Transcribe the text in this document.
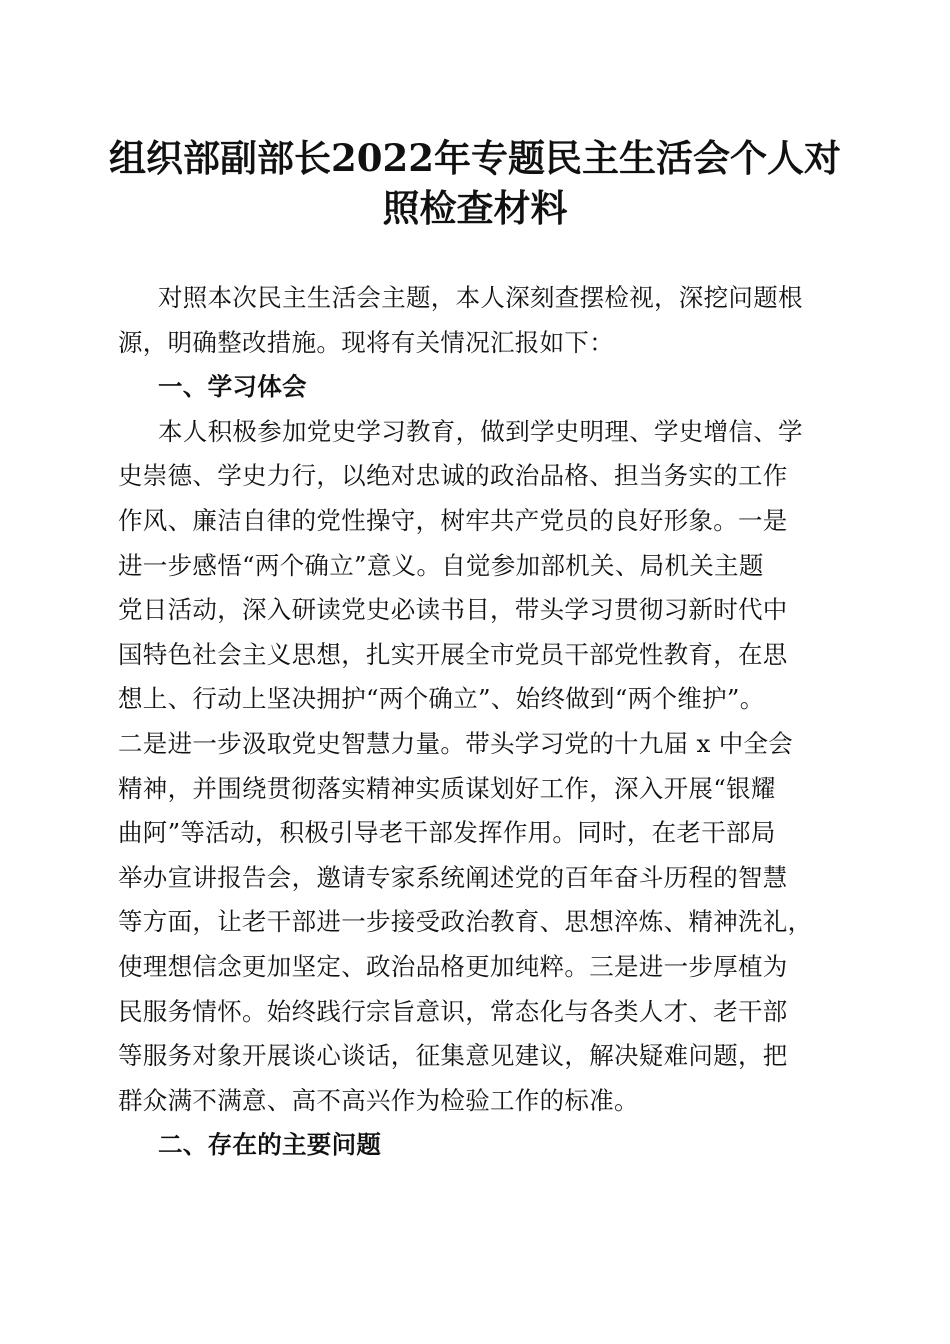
组织部副部长2022年专题民主生活会个人对
照检查材料
对照本次民主生活会主题，本人深刻查摆检视，深挖问题根
源，明确整改措施。现将有关情况汇报如下：
一、学习体会
本人积极参加党史学习教育，做到学史明理、学史增信、学
史崇德、学史力行，以绝对忠诚的政治品格、担当务实的工作
作风、廉洁自律的党性操守，树牢共产党员的良好形象。一是
进一步感悟“两个确立”意义。自觉参加部机关、局机关主题
党日活动，深入研读党史必读书目，带头学习贯彻习新时代中
国特色社会主义思想，扎实开展全市党员干部党性教育，在思
想上、行动上坚决拥护“两个确立”、始终做到“两个维护”。
二是进一步汲取党史智慧力量。带头学习党的十九届 x 中全会
精神，并围绕贯彻落实精神实质谋划好工作，深入开展“银耀
曲阿”等活动，积极引导老干部发挥作用。同时，在老干部局
举办宣讲报告会，邀请专家系统阐述党的百年奋斗历程的智慧
等方面，让老干部进一步接受政治教育、思想淬炼、精神洗礼，
使理想信念更加坚定、政治品格更加纯粹。三是进一步厚植为
民服务情怀。始终践行宗旨意识，常态化与各类人才、老干部
等服务对象开展谈心谈话，征集意见建议，解决疑难问题，把
群众满不满意、高不高兴作为检验工作的标准。
二、存在的主要问题
